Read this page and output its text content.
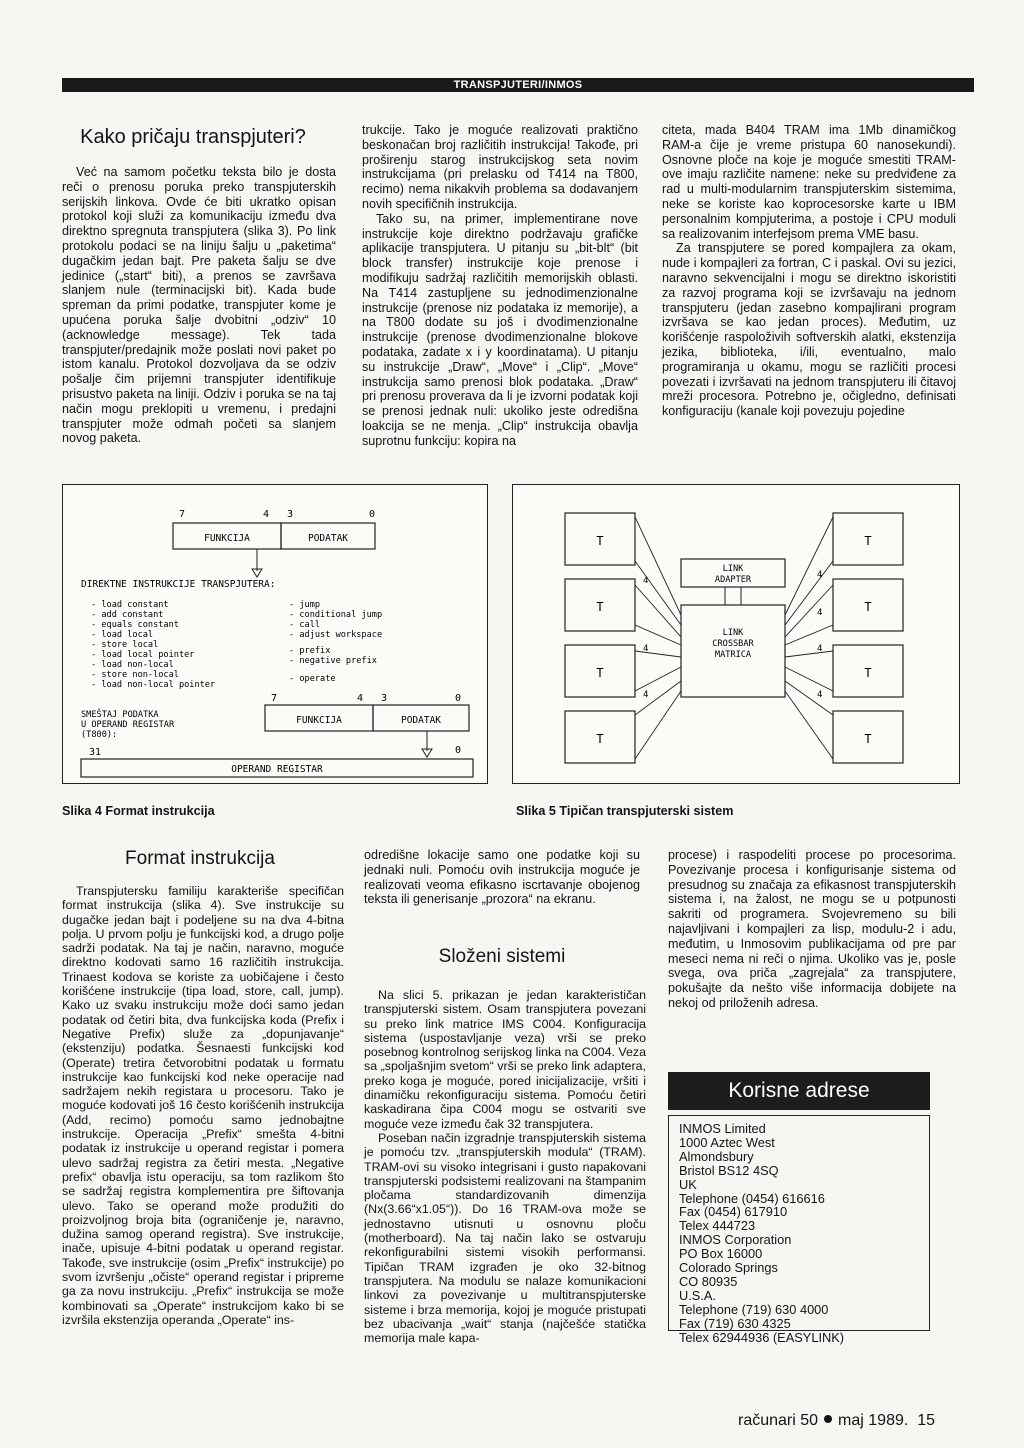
TRANSPJUTERI/INMOS
Kako pričaju transpjuteri?

Već na samom početku teksta bilo je dosta reči o prenosu poruka preko transpjuterskih serijskih linkova. Ovde će biti ukratko opisan protokol koji služi za komunikaciju između dva direktno spregnuta transpjutera (slika 3). Po link protokolu podaci se na liniju šalju u „paketima“ dugačkim jedan bajt. Pre paketa šalju se dve jedinice („start“ biti), a prenos se završava slanjem nule (terminacijski bit). Kada bude spreman da primi podatke, transpjuter kome je upućena poruka šalje dvobitni „odziv“ 10 (acknowledge message). Tek tada transpjuter/predajnik može poslati novi paket po istom kanalu. Protokol dozvoljava da se odziv pošalje čim prijemni transpjuter identifikuje prisustvo paketa na liniji. Odziv i poruka se na taj način mogu preklopiti u vremenu, i predajni transpjuter može odmah početi sa slanjem novog paketa.

trukcije. Tako je moguće realizovati praktično beskonačan broj različitih instrukcija! Takođe, pri proširenju starog instrukcijskog seta novim instrukcijama (pri prelasku od T414 na T800, recimo) nema nikakvih problema sa dodavanjem novih specifičnih instrukcija.

Tako su, na primer, implementirane nove instrukcije koje direktno podržavaju grafičke aplikacije transpjutera. U pitanju su „bit-blt“ (bit block transfer) instrukcije koje prenose i modifikuju sadržaj različitih memorijskih oblasti. Na T414 zastupljene su jednodimenzionalne instrukcije (prenose niz podataka iz memorije), a na T800 dodate su još i dvodimenzionalne instrukcije (prenose dvodimenzionalne blokove podataka, zadate x i y koordinatama). U pitanju su instrukcije „Draw“, „Move“ i „Clip“. „Move“ instrukcija samo prenosi blok podataka. „Draw“ pri prenosu proverava da li je izvorni podatak koji se prenosi jednak nuli: ukoliko jeste odredišna loakcija se ne menja. „Clip“ instrukcija obavlja suprotnu funkciju: kopira na

citeta, mada B404 TRAM ima 1Mb dinamičkog RAM-a čije je vreme pristupa 60 nanosekundi). Osnovne ploče na koje je moguće smestiti TRAM-ove imaju različite namene: neke su predviđene za rad u multi-modularnim transpjuterskim sistemima, neke se koriste kao koprocesorske karte u IBM personalnim kompjuterima, a postoje i CPU moduli sa realizovanim interfejsom prema VME basu.

Za transpjutere se pored kompajlera za okam, nude i kompajleri za fortran, C i paskal. Ovi su jezici, naravno sekvencijalni i mogu se direktno iskoristiti za razvoj programa koji se izvršavaju na jednom transpjuteru (jedan zasebno kompajlirani program izvršava se kao jedan proces). Međutim, uz korišćenje raspoloživih softverskih alatki, ekstenzija jezika, biblioteka, i/ili, eventualno, malo programiranja u okamu, mogu se različiti procesi povezati i izvršavati na jednom transpjuteru ili čitavoj mreži procesora. Potrebno je, očigledno, definisati konfiguraciju (kanale koji povezuju pojedine

7	4 3	0
FUNKCIJA	PODATAK
DIREKTNE INSTRUKCIJE TRANSPJUTERA:
- load constant
- add constant
- equals constant
- load local
- store local
- load local pointer
- load non-local
- store non-local
- load non-local pointer
- jump
- conditional jump
- call
- adjust workspace
- prefix
- negative prefix
- operate
7	4 3	0
SMEŠTAJ PODATKA
U OPERAND REGISTAR
(T800):
31
FUNKCIJA	PODATAK
0
OPERAND REGISTAR
Slika 4 Format instrukcija
T
T
T
T
T
T
T
T
LINK
ADAPTER
LINK
CROSSBAR
MATRICA
4
4
4
4
4
4
4
Slika 5 Tipičan transpjuterski sistem
Format instrukcija

Transpjutersku familiju karakteriše specifičan format instrukcija (slika 4). Sve instrukcije su dugačke jedan bajt i podeljene su na dva 4-bitna polja. U prvom polju je funkcijski kod, a drugo polje sadrži podatak. Na taj je način, naravno, moguće direktno kodovati samo 16 različitih instrukcija. Trinaest kodova se koriste za uobičajene i često korišćene instrukcije (tipa load, store, call, jump). Kako uz svaku instrukciju može doći samo jedan podatak od četiri bita, dva funkcijska koda (Prefix i Negative Prefix) služe za „dopunjavanje“ (ekstenziju) podatka. Šesnaesti funkcijski kod (Operate) tretira četvorobitni podatak u formatu instrukcije kao funkcijski kod neke operacije nad sadržajem nekih registara u procesoru. Tako je moguće kodovati još 16 često korišćenih instrukcija (Add, recimo) pomoću samo jednobajtne instrukcije. Operacija „Prefix“ smešta 4-bitni podatak iz instrukcije u operand registar i pomera ulevo sadržaj registra za četiri mesta. „Negative prefix“ obavlja istu operaciju, sa tom razlikom što se sadržaj registra komplementira pre šiftovanja ulevo. Tako se operand može produžiti do proizvoljnog broja bita (ograničenje je, naravno, dužina samog operand registra). Sve instrukcije, inače, upisuje 4-bitni podatak u operand registar. Takođe, sve instrukcije (osim „Prefix“ instrukcije) po svom izvršenju „očiste“ operand registar i pripreme ga za novu instrukciju. „Prefix“ instrukcija se može kombinovati sa „Operate“ instrukcijom kako bi se izvršila ekstenzija operanda „Operate“ ins-

odredišne lokacije samo one podatke koji su jednaki nuli. Pomoću ovih instrukcija moguće je realizovati veoma efikasno iscrtavanje obojenog teksta ili generisanje „prozora“ na ekranu.

Složeni sistemi

Na slici 5. prikazan je jedan karakterističan transpjuterski sistem. Osam transpjutera povezani su preko link matrice IMS C004. Konfiguracija sistema (uspostavljanje veza) vrši se preko posebnog kontrolnog serijskog linka na C004. Veza sa „spoljašnjim svetom“ vrši se preko link adaptera, preko koga je moguće, pored inicijalizacije, vršiti i dinamičku rekonfiguraciju sistema. Pomoću četiri kaskadirana čipa C004 mogu se ostvariti sve moguće veze između čak 32 transpjutera.

Poseban način izgradnje transpjuterskih sistema je pomoću tzv. „transpjuterskih modula“ (TRAM). TRAM-ovi su visoko integrisani i gusto napakovani transpjuterski podsistemi realizovani na štampanim pločama standardizovanih dimenzija (Nx(3.66“x1.05“)). Do 16 TRAM-ova može se jednostavno utisnuti u osnovnu ploču (motherboard). Na taj način lako se ostvaruju rekonfigurabilni sistemi visokih performansi. Tipičan TRAM izgrađen je oko 32-bitnog transpjutera. Na modulu se nalaze komunikacioni linkovi za povezivanje u multitranspjuterske sisteme i brza memorija, kojoj je moguće pristupati bez ubacivanja „wait“ stanja (najčešće statička memorija male kapa-

procese) i raspodeliti procese po procesorima. Povezivanje procesa i konfigurisanje sistema od presudnog su značaja za efikasnost transpjuterskih sistema i, na žalost, ne mogu se u potpunosti sakriti od programera. Svojevremeno su bili najavljivani i kompajleri za lisp, modulu-2 i adu, međutim, u Inmosovim publikacijama od pre par meseci nema ni reči o njima. Ukoliko vas je, posle svega, ova priča „zagrejala“ za transpjutere, pokušajte da nešto više informacija dobijete na nekoj od priloženih adresa.

Korisne adrese
INMOS Limited
1000 Aztec West
Almondsbury
Bristol BS12 4SQ
UK
Telephone (0454) 616616
Fax (0454) 617910
Telex 444723
INMOS Corporation
PO Box 16000
Colorado Springs
CO 80935
U.S.A.
Telephone (719) 630 4000
Fax (719) 630 4325
Telex 62944936 (EASYLINK)
računari 50 maj 1989. 15
